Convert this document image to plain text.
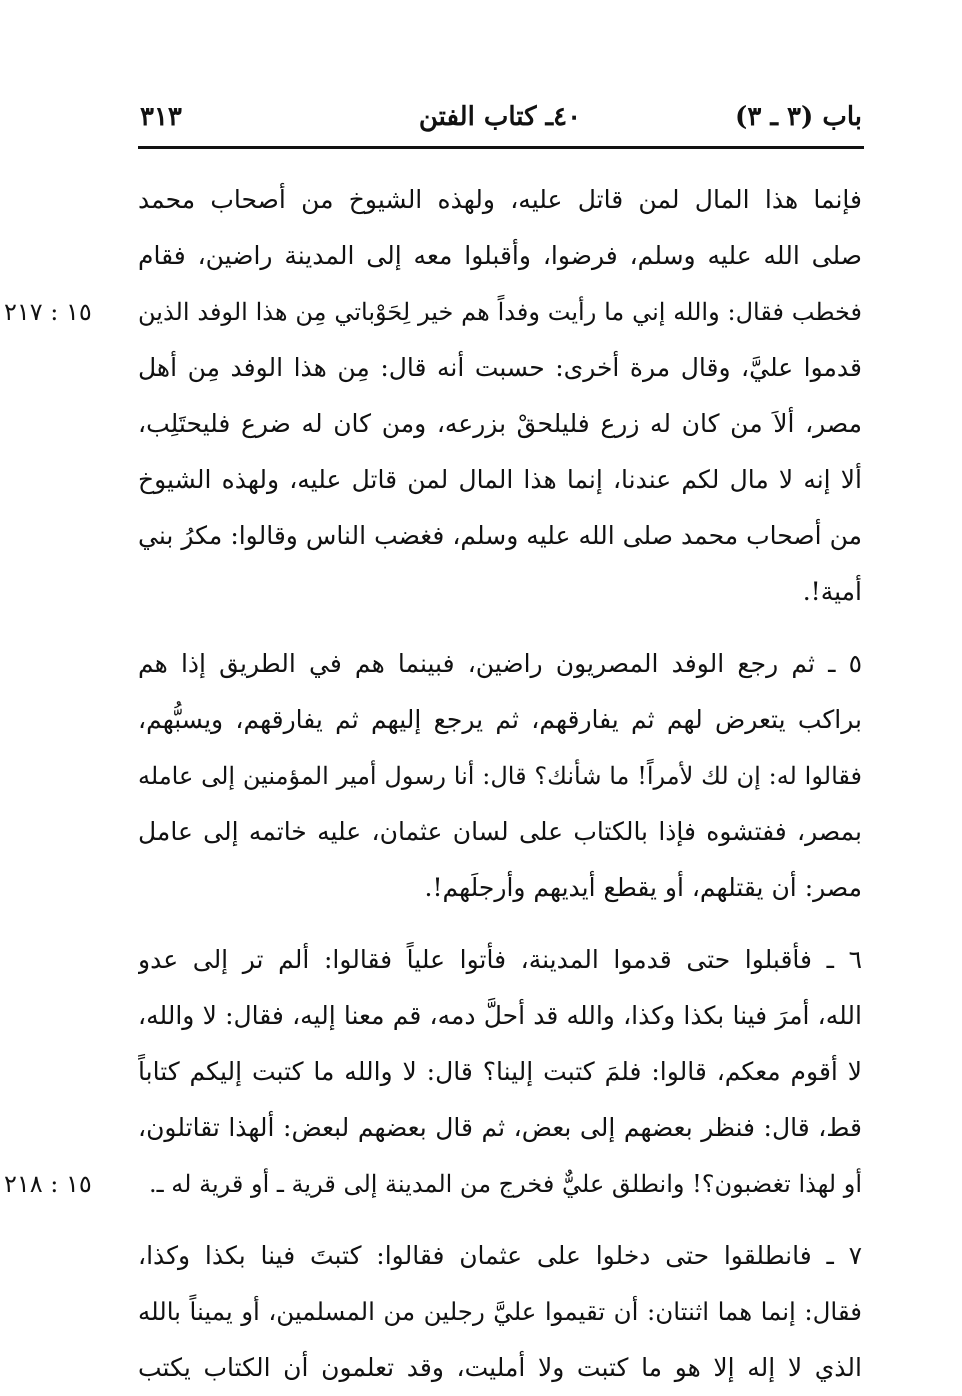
باب (٣ ـ ٣)
٤٠ـ كتاب الفتن
٣١٣
فإنما هذا المال لمن قاتل عليه، ولهذه الشيوخ من أصحاب محمد
صلى الله عليه وسلم، فرضوا، وأقبلوا معه إلى المدينة راضين، فقام
فخطب فقال: والله إني ما رأيت وفداً هم خير لِحَوْباتي مِن هذا الوفد الذين
قدموا عليَّ، وقال مرة أخرى: حسبت أنه قال: مِن هذا الوفد مِن أهل
مصر، ألاَ من كان له زرع فليلحقْ بزرعه، ومن كان له ضرع فليحتَلِب،
ألا إنه لا مال لكم عندنا، إنما هذا المال لمن قاتل عليه، ولهذه الشيوخ
من أصحاب محمد صلى الله عليه وسلم، فغضب الناس وقالوا: مكرُ بني
أمية!.
٥ ـ ثم رجع الوفد المصريون راضين، فبينما هم في الطريق إذا هم
براكب يتعرض لهم ثم يفارقهم، ثم يرجع إليهم ثم يفارقهم، ويسبُّهم،
فقالوا له: إن لك لأمراً! ما شأنك؟ قال: أنا رسول أمير المؤمنين إلى عامله
بمصر، ففتشوه فإذا بالكتاب على لسان عثمان، عليه خاتمه إلى عامل
مصر: أن يقتلهم، أو يقطع أيديهم وأرجلَهم!.
٦ ـ فأقبلوا حتى قدموا المدينة، فأتوا علياً فقالوا: ألم تر إلى عدو
الله، أمرَ فينا بكذا وكذا، والله قد أحلَّ دمه، قم معنا إليه، فقال: لا والله،
لا أقوم معكم، قالوا: فلمَ كتبت إلينا؟ قال: لا والله ما كتبت إليكم كتاباً
قط، قال: فنظر بعضهم إلى بعض، ثم قال بعضهم لبعض: ألهذا تقاتلون،
أو لهذا تغضبون؟! وانطلق عليٌّ فخرج من المدينة إلى قرية ـ أو قرية له ـ.
٧ ـ فانطلقوا حتى دخلوا على عثمان فقالوا: كتبتَ فينا بكذا وكذا،
فقال: إنما هما اثنتان: أن تقيموا عليَّ رجلين من المسلمين، أو يميناً بالله
الذي لا إله إلا هو ما كتبت ولا أمليت، وقد تعلمون أن الكتاب يكتب
١٥ : ٢١٧
١٥ : ٢١٨
